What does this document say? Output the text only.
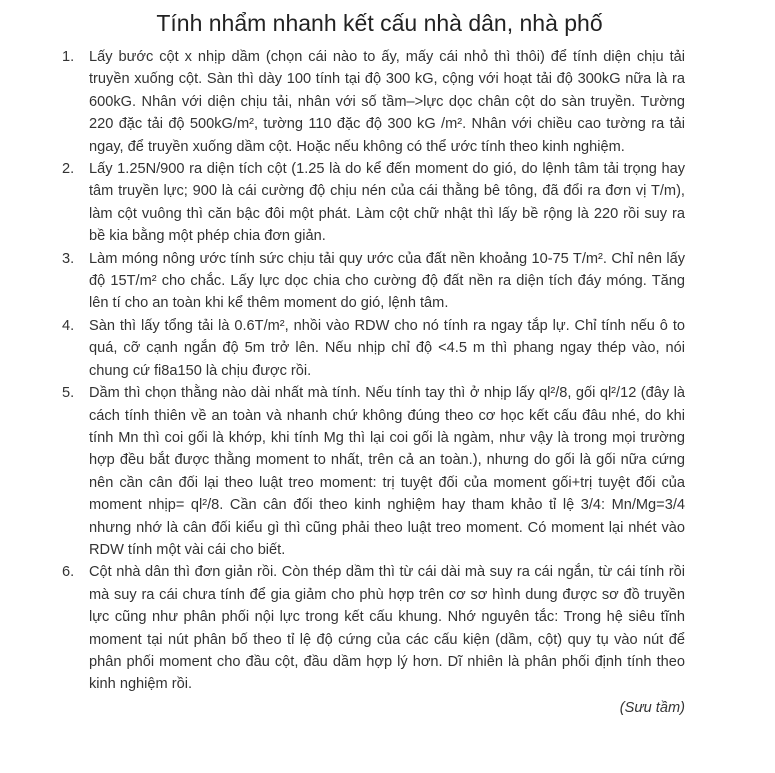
Tính nhẩm nhanh kết cấu nhà dân, nhà phố
1. Lấy bước cột x nhịp dầm (chọn cái nào to ấy, mấy cái nhỏ thì thôi) để tính diện chịu tải truyền xuống cột. Sàn thì dày 100 tính tại độ 300 kG, cộng với hoạt tải độ 300kG nữa là ra 600kG. Nhân với diện chịu tải, nhân với số tầm–>lực dọc chân cột do sàn truyền. Tường 220 đặc tải độ 500kG/m², tường 110 đặc độ 300 kG /m². Nhân với chiều cao tường ra tải ngay, để truyền xuống dầm cột. Hoặc nếu không có thể ước tính theo kinh nghiệm.
2. Lấy 1.25N/900 ra diện tích cột (1.25 là do kể đến moment do gió, do lệnh tâm tải trọng hay tâm truyền lực; 900 là cái cường độ chịu nén của cái thằng bê tông, đã đổi ra đơn vị T/m), làm cột vuông thì căn bậc đôi một phát. Làm cột chữ nhật thì lấy bề rộng là 220 rồi suy ra bề kia bằng một phép chia đơn giản.
3. Làm móng nông ước tính sức chịu tải quy ước của đất nền khoảng 10-75 T/m². Chỉ nên lấy độ 15T/m² cho chắc. Lấy lực dọc chia cho cường độ đất nền ra diện tích đáy móng. Tăng lên tí cho an toàn khi kể thêm moment do gió, lệnh tâm.
4. Sàn thì lấy tổng tải là 0.6T/m², nhồi vào RDW cho nó tính ra ngay tắp lự. Chỉ tính nếu ô to quá, cỡ cạnh ngắn độ 5m trở lên. Nếu nhịp chỉ độ <4.5 m thì phang ngay thép vào, nói chung cứ fi8a150 là chịu được rồi.
5. Dầm thì chọn thằng nào dài nhất mà tính. Nếu tính tay thì ở nhịp lấy ql²/8, gối ql²/12 (đây là cách tính thiên về an toàn và nhanh chứ không đúng theo cơ học kết cấu đâu nhé, do khi tính Mn thì coi gối là khớp, khi tính Mg thì lại coi gối là ngàm, như vậy là trong mọi trường hợp đều bắt được thằng moment to nhất, trên cả an toàn.), nhưng do gối là gối nữa cứng nên cần cân đối lại theo luật treo moment: trị tuyệt đối của moment gối+trị tuyệt đối của moment nhịp= ql²/8. Cần cân đối theo kinh nghiệm hay tham khảo tỉ lệ 3/4: Mn/Mg=3/4 nhưng nhớ là cân đối kiểu gì thì cũng phải theo luật treo moment. Có moment lại nhét vào RDW tính một vài cái cho biết.
6. Cột nhà dân thì đơn giản rồi. Còn thép dầm thì từ cái dài mà suy ra cái ngắn, từ cái tính rồi mà suy ra cái chưa tính để gia giảm cho phù hợp trên cơ sơ hình dung được sơ đồ truyền lực cũng như phân phối nội lực trong kết cấu khung. Nhớ nguyên tắc: Trong hệ siêu tĩnh moment tại nút phân bố theo tỉ lệ độ cứng của các cấu kiện (dầm, cột) quy tụ vào nút để phân phối moment cho đầu cột, đầu dầm hợp lý hơn. Dĩ nhiên là phân phối định tính theo kinh nghiệm rồi.
(Sưu tầm)
